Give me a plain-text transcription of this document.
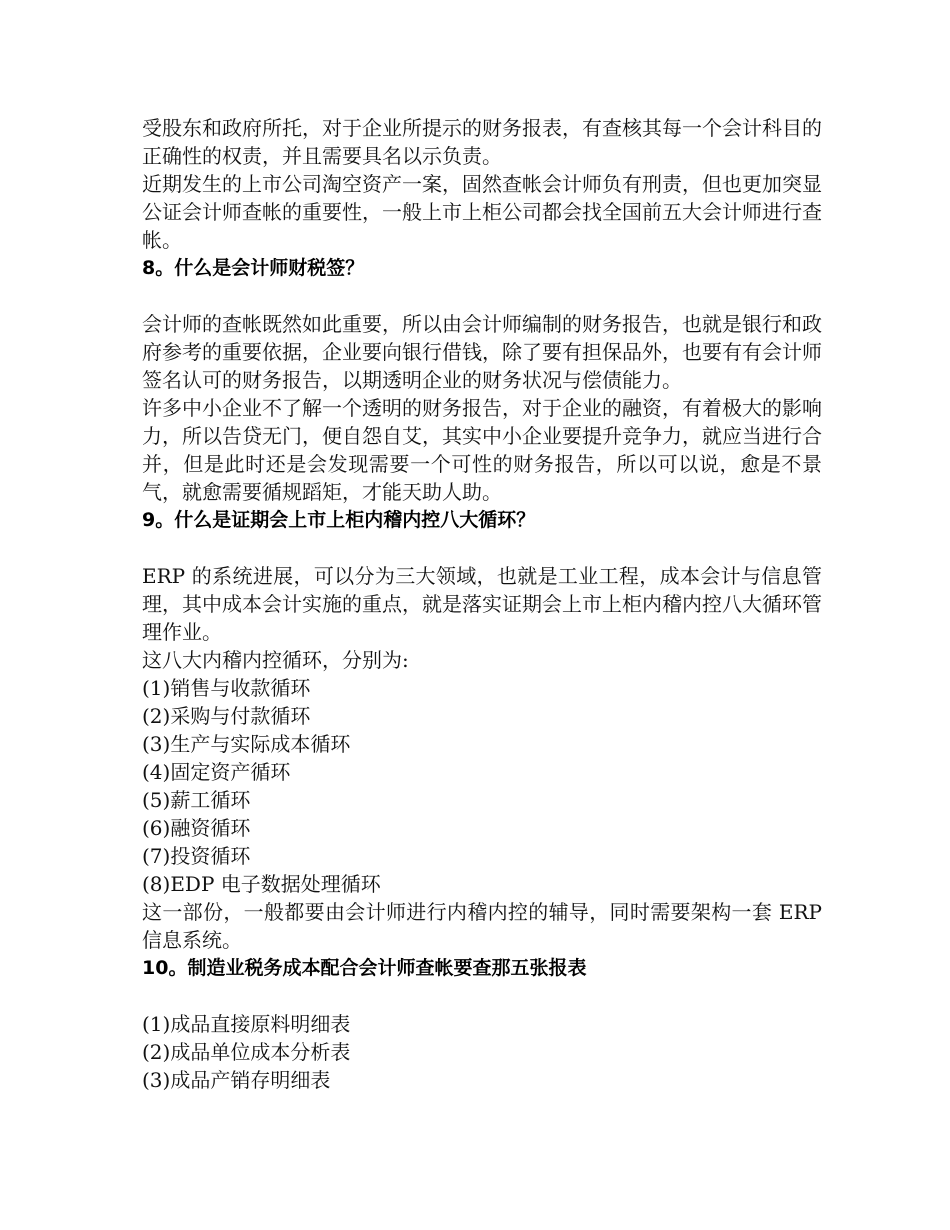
受股东和政府所托，对于企业所提示的财务报表，有查核其每一个会计科目的正确性的权责，并且需要具名以示负责。

近期发生的上市公司淘空资产一案，固然查帐会计师负有刑责，但也更加突显公证会计师查帐的重要性，一般上市上柜公司都会找全国前五大会计师进行查帐。

8。什么是会计师财税签？

会计师的查帐既然如此重要，所以由会计师编制的财务报告，也就是银行和政府参考的重要依据，企业要向银行借钱，除了要有担保品外，也要有有会计师签名认可的财务报告，以期透明企业的财务状况与偿债能力。

许多中小企业不了解一个透明的财务报告，对于企业的融资，有着极大的影响力，所以告贷无门，便自怨自艾，其实中小企业要提升竞争力，就应当进行合并，但是此时还是会发现需要一个可性的财务报告，所以可以说，愈是不景气，就愈需要循规蹈矩，才能天助人助。

9。什么是证期会上市上柜内稽内控八大循环？

ERP 的系统进展，可以分为三大领域，也就是工业工程，成本会计与信息管理，其中成本会计实施的重点，就是落实证期会上市上柜内稽内控八大循环管理作业。

这八大内稽内控循环，分别为:

(1)销售与收款循环

(2)采购与付款循环

(3)生产与实际成本循环

(4)固定资产循环

(5)薪工循环

(6)融资循环

(7)投资循环

(8)EDP 电子数据处理循环

这一部份，一般都要由会计师进行内稽内控的辅导，同时需要架构一套 ERP 信息系统。

10。制造业税务成本配合会计师查帐要查那五张报表

(1)成品直接原料明细表

(2)成品单位成本分析表

(3)成品产销存明细表
